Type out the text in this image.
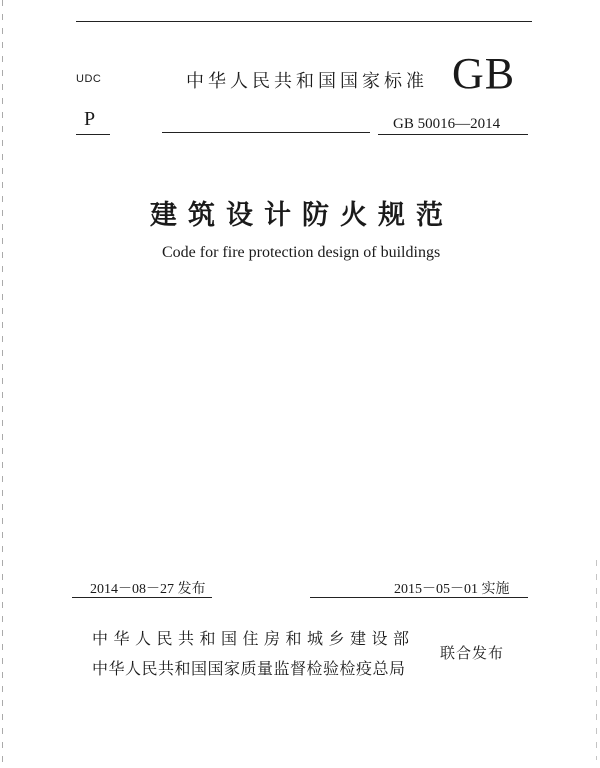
UDC	中华人民共和国国家标准 GB
P	GB 50016—2014
建筑设计防火规范
Code for fire protection design of buildings
2014－08－27 发布	2015－05－01 实施
中华人民共和国住房和城乡建设部
中华人民共和国国家质量监督检验检疫总局
联合发布
